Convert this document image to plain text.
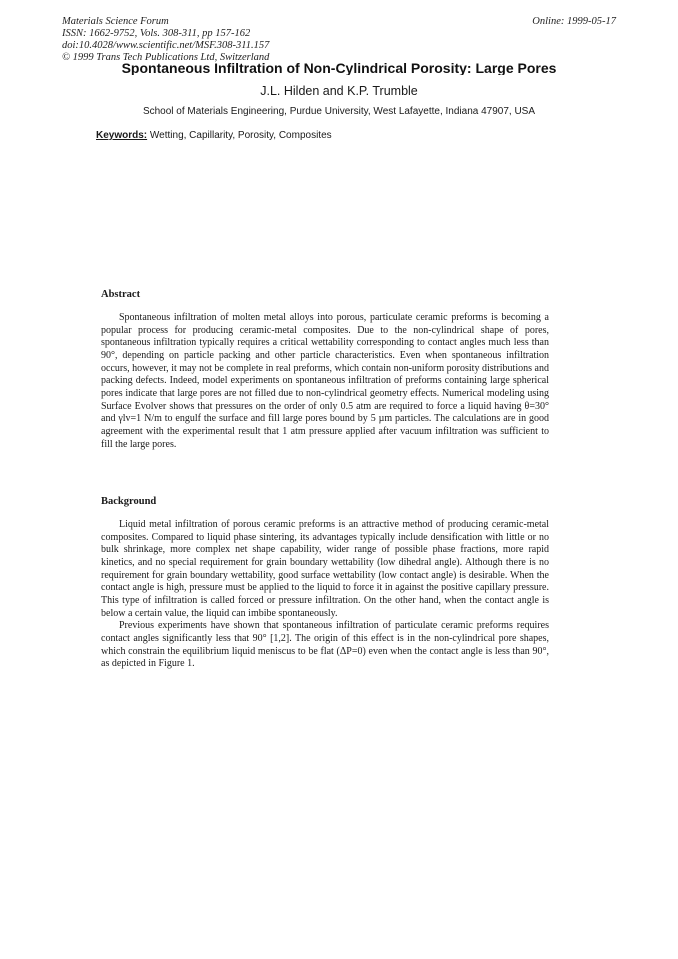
Materials Science Forum
ISSN: 1662-9752, Vols. 308-311, pp 157-162
doi:10.4028/www.scientific.net/MSF.308-311.157
© 1999 Trans Tech Publications Ltd, Switzerland
Online: 1999-05-17
Spontaneous Infiltration of Non-Cylindrical Porosity: Large Pores
J.L. Hilden and K.P. Trumble
School of Materials Engineering, Purdue University, West Lafayette, Indiana 47907, USA
Keywords: Wetting, Capillarity, Porosity, Composites
Abstract

Spontaneous infiltration of molten metal alloys into porous, particulate ceramic preforms is becoming a popular process for producing ceramic-metal composites. Due to the non-cylindrical shape of pores, spontaneous infiltration typically requires a critical wettability corresponding to contact angles much less than 90°, depending on particle packing and other particle characteristics. Even when spontaneous infiltration occurs, however, it may not be complete in real preforms, which contain non-uniform porosity distributions and packing defects. Indeed, model experiments on spontaneous infiltration of preforms containing large spherical pores indicate that large pores are not filled due to non-cylindrical geometry effects. Numerical modeling using Surface Evolver shows that pressures on the order of only 0.5 atm are required to force a liquid having θ=30° and γlv=1 N/m to engulf the surface and fill large pores bound by 5 µm particles. The calculations are in good agreement with the experimental result that 1 atm pressure applied after vacuum infiltration was sufficient to fill the large pores.

Background

Liquid metal infiltration of porous ceramic preforms is an attractive method of producing ceramic-metal composites. Compared to liquid phase sintering, its advantages typically include densification with little or no bulk shrinkage, more complex net shape capability, wider range of possible phase fractions, more rapid kinetics, and no special requirement for grain boundary wettability (low dihedral angle). Although there is no requirement for grain boundary wettability, good surface wettability (low contact angle) is desirable. When the contact angle is high, pressure must be applied to the liquid to force it in against the positive capillary pressure. This type of infiltration is called forced or pressure infiltration. On the other hand, when the contact angle is below a certain value, the liquid can imbibe spontaneously.

Previous experiments have shown that spontaneous infiltration of particulate ceramic preforms requires contact angles significantly less that 90° [1,2]. The origin of this effect is in the non-cylindrical pore shapes, which constrain the equilibrium liquid meniscus to be flat (ΔP=0) even when the contact angle is less than 90°, as depicted in Figure 1.
